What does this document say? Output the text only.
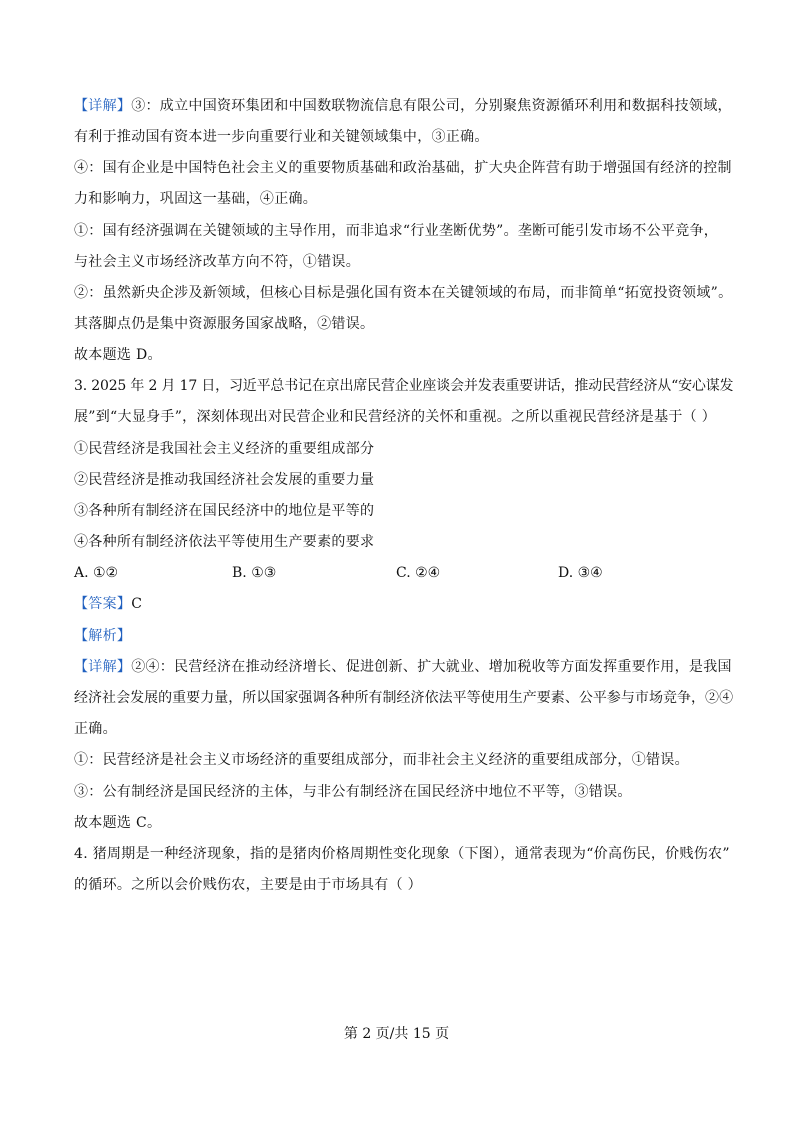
【详解】③：成立中国资环集团和中国数联物流信息有限公司，分别聚焦资源循环利用和数据科技领域，
有利于推动国有资本进一步向重要行业和关键领域集中，③正确。
④：国有企业是中国特色社会主义的重要物质基础和政治基础，扩大央企阵营有助于增强国有经济的控制
力和影响力，巩固这一基础，④正确。
①：国有经济强调在关键领域的主导作用，而非追求“行业垄断优势”。垄断可能引发市场不公平竞争，
与社会主义市场经济改革方向不符，①错误。
②：虽然新央企涉及新领域，但核心目标是强化国有资本在关键领域的布局，而非简单“拓宽投资领域”。
其落脚点仍是集中资源服务国家战略，②错误。
故本题选 D。
3. 2025 年 2 月 17 日，习近平总书记在京出席民营企业座谈会并发表重要讲话，推动民营经济从“安心谋发
展”到“大显身手”，深刻体现出对民营企业和民营经济的关怀和重视。之所以重视民营经济是基于（ ）
①民营经济是我国社会主义经济的重要组成部分
②民营经济是推动我国经济社会发展的重要力量
③各种所有制经济在国民经济中的地位是平等的
④各种所有制经济依法平等使用生产要素的要求
A. ①②	B. ①③	C. ②④	D. ③④
【答案】C
【解析】
【详解】②④：民营经济在推动经济增长、促进创新、扩大就业、增加税收等方面发挥重要作用，是我国
经济社会发展的重要力量，所以国家强调各种所有制经济依法平等使用生产要素、公平参与市场竞争，②④
正确。
①：民营经济是社会主义市场经济的重要组成部分，而非社会主义经济的重要组成部分，①错误。
③：公有制经济是国民经济的主体，与非公有制经济在国民经济中地位不平等，③错误。
故本题选 C。
4. 猪周期是一种经济现象，指的是猪肉价格周期性变化现象（下图），通常表现为“价高伤民，价贱伤农”
的循环。之所以会价贱伤农，主要是由于市场具有（ ）
第 2 页/共 15 页
